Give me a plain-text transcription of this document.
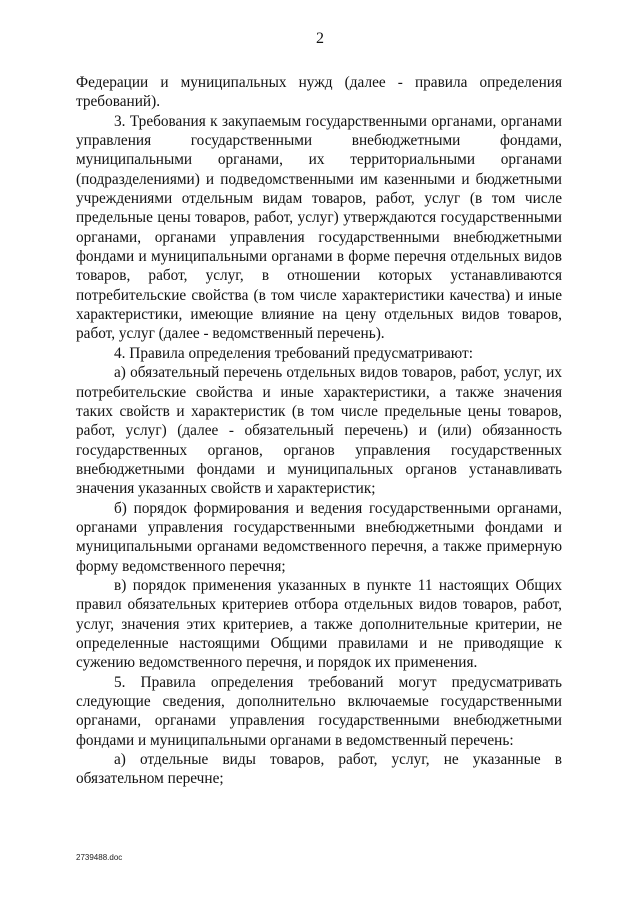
2

Федерации и муниципальных нужд (далее - правила определения требований).

3. Требования к закупаемым государственными органами, органами управления государственными внебюджетными фондами, муниципальными органами, их территориальными органами (подразделениями) и подведомственными им казенными и бюджетными учреждениями отдельным видам товаров, работ, услуг (в том числе предельные цены товаров, работ, услуг) утверждаются государственными органами, органами управления государственными внебюджетными фондами и муниципальными органами в форме перечня отдельных видов товаров, работ, услуг, в отношении которых устанавливаются потребительские свойства (в том числе характеристики качества) и иные характеристики, имеющие влияние на цену отдельных видов товаров, работ, услуг (далее - ведомственный перечень).

4. Правила определения требований предусматривают:

а) обязательный перечень отдельных видов товаров, работ, услуг, их потребительские свойства и иные характеристики, а также значения таких свойств и характеристик (в том числе предельные цены товаров, работ, услуг) (далее - обязательный перечень) и (или) обязанность государственных органов, органов управления государственных внебюджетными фондами и муниципальных органов устанавливать значения указанных свойств и характеристик;

б) порядок формирования и ведения государственными органами, органами управления государственными внебюджетными фондами и муниципальными органами ведомственного перечня, а также примерную форму ведомственного перечня;

в) порядок применения указанных в пункте 11 настоящих Общих правил обязательных критериев отбора отдельных видов товаров, работ, услуг, значения этих критериев, а также дополнительные критерии, не определенные настоящими Общими правилами и не приводящие к сужению ведомственного перечня, и порядок их применения.

5. Правила определения требований могут предусматривать следующие сведения, дополнительно включаемые государственными органами, органами управления государственными внебюджетными фондами и муниципальными органами в ведомственный перечень:

а) отдельные виды товаров, работ, услуг, не указанные в обязательном перечне;

2739488.doc
